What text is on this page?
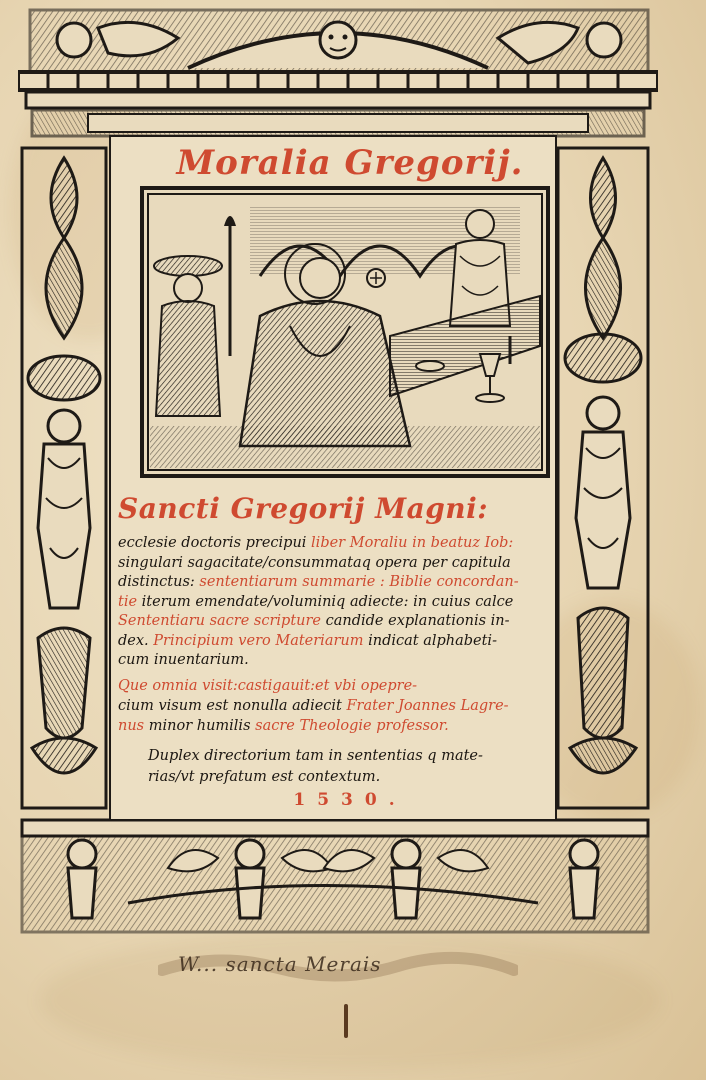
Moralia Gregorij.
Sancti Gregorij Magni:
ecclesie doctoris precipui liber Moraliu in beatuz Iob:
singulari sagacitate/consummataq opera per capitula
distinctus: sententiarum summarie : Biblie concordan-
tie iterum emendate/voluminiq adiecte: in cuius calce
Sententiaru sacre scripture candide explanationis in-
dex. Principium vero Materiarum indicat alphabeti-
cum inuentarium.
Que omnia visit:castigauit:et vbi opepre-
cium visum est nonulla adiecit Frater Joannes Lagre-
nus minor humilis sacre Theologie professor.
Duplex directorium tam in sententias q mate-
rias/vt prefatum est contextum.
1530.
W... sancta Merais
